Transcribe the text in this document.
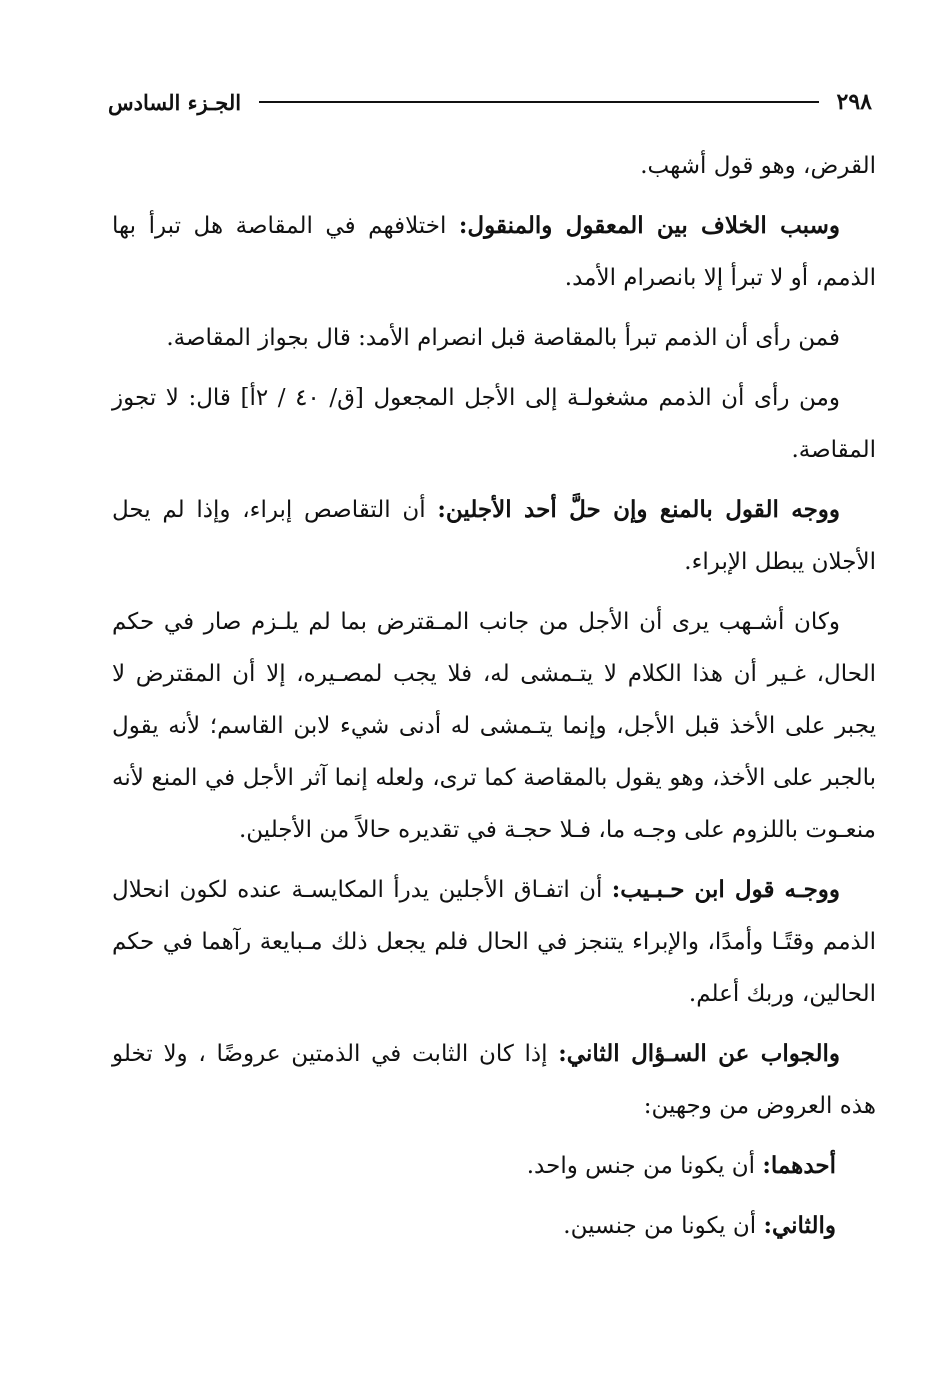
٢٩٨
الجـزء السادس

القرض، وهو قول أشهب.

وسبب الخلاف بين المعقول والمنقول: اختلافهم في المقاصة هل تبرأ بها الذمم، أو لا تبرأ إلا بانصرام الأمد.

فمن رأى أن الذمم تبرأ بالمقاصة قبل انصرام الأمد: قال بجواز المقاصة.

ومن رأى أن الذمم مشغولـة إلى الأجل المجعول [ق/ ٤٠ / ٢أ] قال: لا تجوز المقاصة.

ووجه القول بالمنع وإن حلَّ أحد الأجلين: أن التقاصص إبراء، وإذا لم يحل الأجلان يبطل الإبراء.

وكان أشـهب يرى أن الأجل من جانب المـقترض بما لم يلـزم صار في حكم الحال، غـير أن هذا الكلام لا يتـمشى له، فلا يجب لمصـيره، إلا أن المقترض لا يجبر على الأخذ قبل الأجل، وإنما يتـمشى له أدنى شيء لابن القاسم؛ لأنه يقول بالجبر على الأخذ، وهو يقول بالمقاصة كما ترى، ولعله إنما آثر الأجل في المنع لأنه منعـوت باللزوم على وجـه ما، فـلا حجـة في تقديره حالاً من الأجلين.

ووجـه قول ابن حـبـيب: أن اتفـاق الأجلين يدرأ المكايسـة عنده لكون انحلال الذمم وقتًـا وأمدًا، والإبراء يتنجز في الحال فلم يجعل ذلك مـبايعة رآهما في حكم الحالين، وربك أعلم.

والجواب عن السـؤال الثاني: إذا كان الثابت في الذمتين عروضًا ، ولا تخلو هذه العروض من وجهين:

أحدهما: أن يكونا من جنس واحد.

والثاني: أن يكونا من جنسين.
